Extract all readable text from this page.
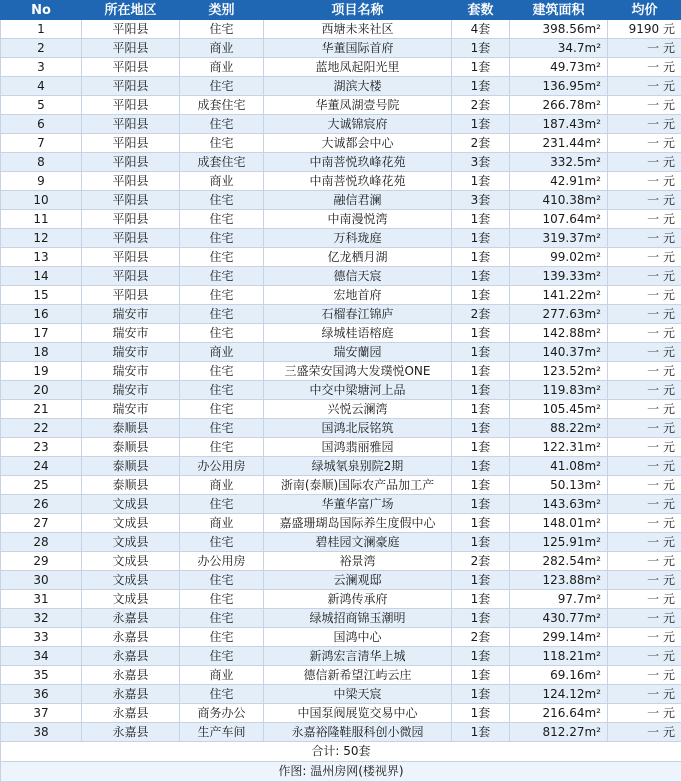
No	所在地区	类别	项目名称	套数	建筑面积	均价
1	平阳县	住宅	西塘未来社区	4套	398.56m²	9190 元
2	平阳县	商业	华董国际首府	1套	34.7m²	一 元
3	平阳县	商业	蓝地凤起阳光里	1套	49.73m²	一 元
4	平阳县	住宅	湖滨大楼	1套	136.95m²	一 元
5	平阳县	成套住宅	华董凤湖壹号院	2套	266.78m²	一 元
6	平阳县	住宅	大诚锦宸府	1套	187.43m²	一 元
7	平阳县	住宅	大诚都会中心	2套	231.44m²	一 元
8	平阳县	成套住宅	中南菩悦玖峰花苑	3套	332.5m²	一 元
9	平阳县	商业	中南菩悦玖峰花苑	1套	42.91m²	一 元
10	平阳县	住宅	融信君澜	3套	410.38m²	一 元
11	平阳县	住宅	中南漫悦湾	1套	107.64m²	一 元
12	平阳县	住宅	万科珑庭	1套	319.37m²	一 元
13	平阳县	住宅	亿龙栖月湖	1套	99.02m²	一 元
14	平阳县	住宅	德信天宸	1套	139.33m²	一 元
15	平阳县	住宅	宏地首府	1套	141.22m²	一 元
16	瑞安市	住宅	石榴春江锦庐	2套	277.63m²	一 元
17	瑞安市	住宅	绿城桂语榕庭	1套	142.88m²	一 元
18	瑞安市	商业	瑞安蘭园	1套	140.37m²	一 元
19	瑞安市	住宅	三盛荣安国鸿大发璞悦ONE	1套	123.52m²	一 元
20	瑞安市	住宅	中交中梁塘河上品	1套	119.83m²	一 元
21	瑞安市	住宅	兴悦云澜湾	1套	105.45m²	一 元
22	泰顺县	住宅	国鸿北辰铭筑	1套	88.22m²	一 元
23	泰顺县	住宅	国鸿翡丽雅园	1套	122.31m²	一 元
24	泰顺县	办公用房	绿城氡泉别院2期	1套	41.08m²	一 元
25	泰顺县	商业	浙南(泰顺)国际农产品加工产	1套	50.13m²	一 元
26	文成县	住宅	华董华富广场	1套	143.63m²	一 元
27	文成县	商业	嘉盛珊瑚岛国际养生度假中心	1套	148.01m²	一 元
28	文成县	住宅	碧桂园文澜豪庭	1套	125.91m²	一 元
29	文成县	办公用房	裕景湾	2套	282.54m²	一 元
30	文成县	住宅	云澜观邸	1套	123.88m²	一 元
31	文成县	住宅	新鸿传承府	1套	97.7m²	一 元
32	永嘉县	住宅	绿城招商锦玉潮明	1套	430.77m²	一 元
33	永嘉县	住宅	国鸿中心	2套	299.14m²	一 元
34	永嘉县	住宅	新鸿宏言清华上城	1套	118.21m²	一 元
35	永嘉县	商业	德信新希望江屿云庄	1套	69.16m²	一 元
36	永嘉县	住宅	中梁天宸	1套	124.12m²	一 元
37	永嘉县	商务办公	中国泵阀展览交易中心	1套	216.64m²	一 元
38	永嘉县	生产车间	永嘉裕隆鞋服科创小微园	1套	812.27m²	一 元
合计: 50套						
作图: 温州房网(楼视界)						
